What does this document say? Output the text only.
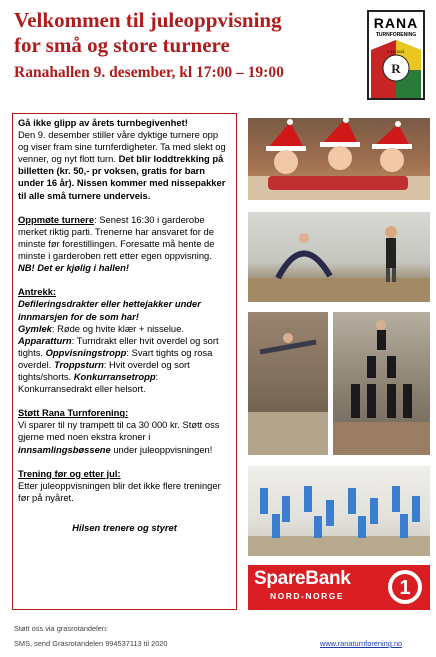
Velkommen til juleoppvisning
for små og store turnere
Ranahallen 9. desember, kl 17:00 – 19:00
RANA
TURNFORENING
1.10.1921
R

Gå ikke glipp av årets turnbegivenhet!
Den 9. desember stiller våre dyktige turnere opp og viser fram sine turnferdigheter. Ta med slekt og venner, og nyt flott turn. Det blir loddtrekking på billetten (kr. 50,- pr voksen, gratis for barn under 16 år). Nissen kommer med nissepakker til alle små turnere underveis.

Oppmøte turnere: Senest 16:30 i garderobe merket riktig parti. Trenerne har ansvaret for de minste før forestillingen. Foresatte må hente de minste i garderoben rett etter egen oppvisning. NB! Det er kjølig i hallen!

Antrekk:
Defileringsdrakter eller hettejakker under innmarsjen for de som har!
Gymlek: Røde og hvite klær + nisselue.
Apparatturn: Turndrakt eller hvit overdel og sort tights. Oppvisningstropp: Svart tights og rosa overdel. Troppsturn: Hvit overdel og sort tights/shorts. Konkurransetropp: Konkurransedrakt eller helsort.

Støtt Rana Turnforening:
Vi sparer til ny trampett til ca 30 000 kr. Støtt oss gjerne med noen ekstra kroner i innsamlingsbøssene under juleoppvisningen!

Trening før og etter jul:
Etter juleoppvisningen blir det ikke flere treninger før på nyåret.

Hilsen trenere og styret
SpareBank
NORD-NORGE	1
Støtt oss via grasrotandelen:
SMS, send Grasrotandelen 994537113 til 2020	www.ranaturnforening.no
